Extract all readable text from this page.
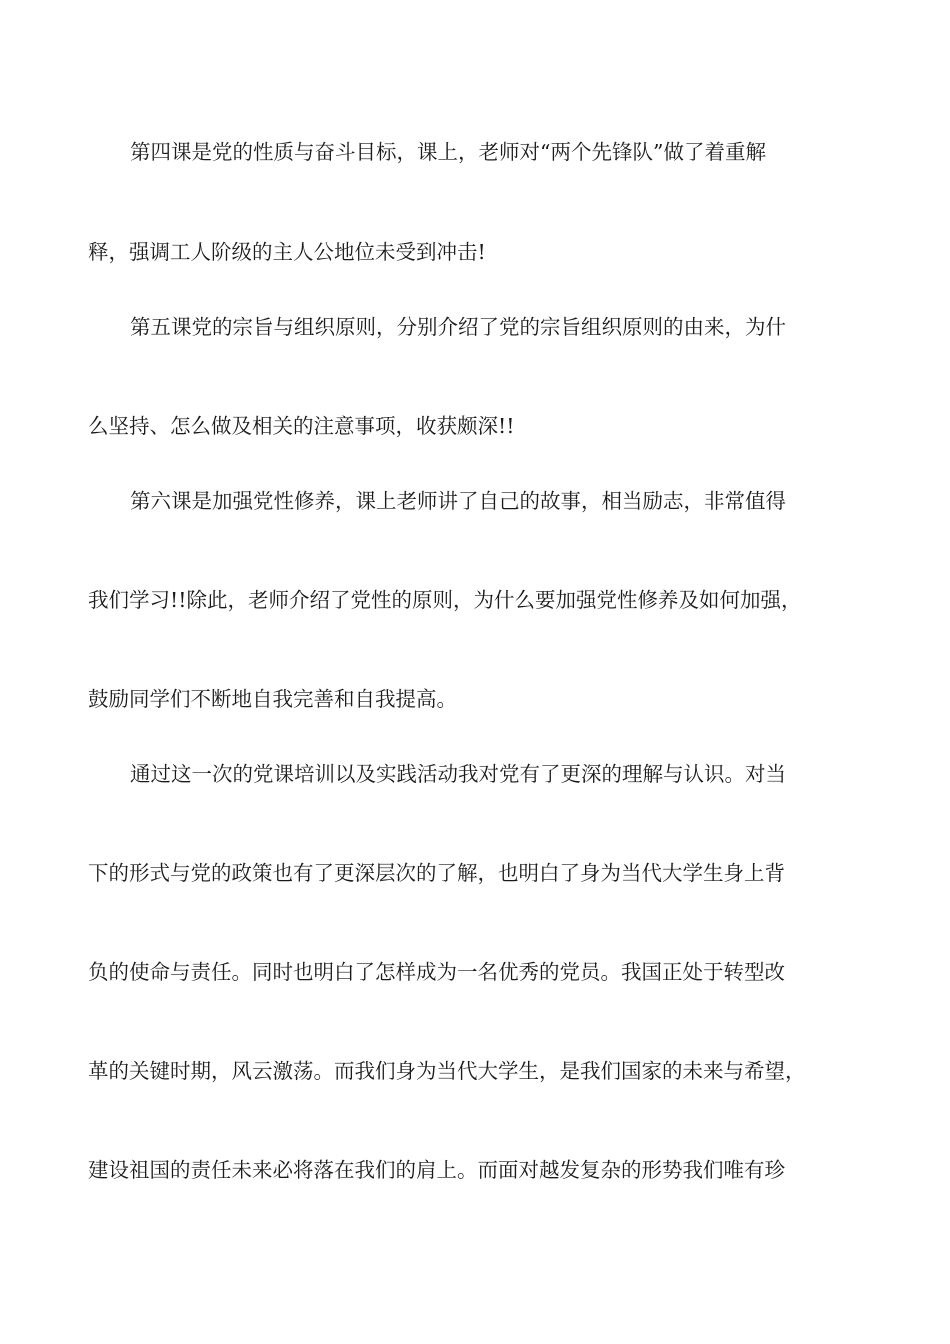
第四课是党的性质与奋斗目标，课上，老师对“两个先锋队”做了着重解
释，强调工人阶级的主人公地位未受到冲击!
第五课党的宗旨与组织原则，分别介绍了党的宗旨组织原则的由来，为什
么坚持、怎么做及相关的注意事项，收获颇深!!
第六课是加强党性修养，课上老师讲了自己的故事，相当励志，非常值得
我们学习!!除此，老师介绍了党性的原则，为什么要加强党性修养及如何加强，
鼓励同学们不断地自我完善和自我提高。
通过这一次的党课培训以及实践活动我对党有了更深的理解与认识。对当
下的形式与党的政策也有了更深层次的了解，也明白了身为当代大学生身上背
负的使命与责任。同时也明白了怎样成为一名优秀的党员。我国正处于转型改
革的关键时期，风云激荡。而我们身为当代大学生，是我们国家的未来与希望，
建设祖国的责任未来必将落在我们的肩上。而面对越发复杂的形势我们唯有珍
